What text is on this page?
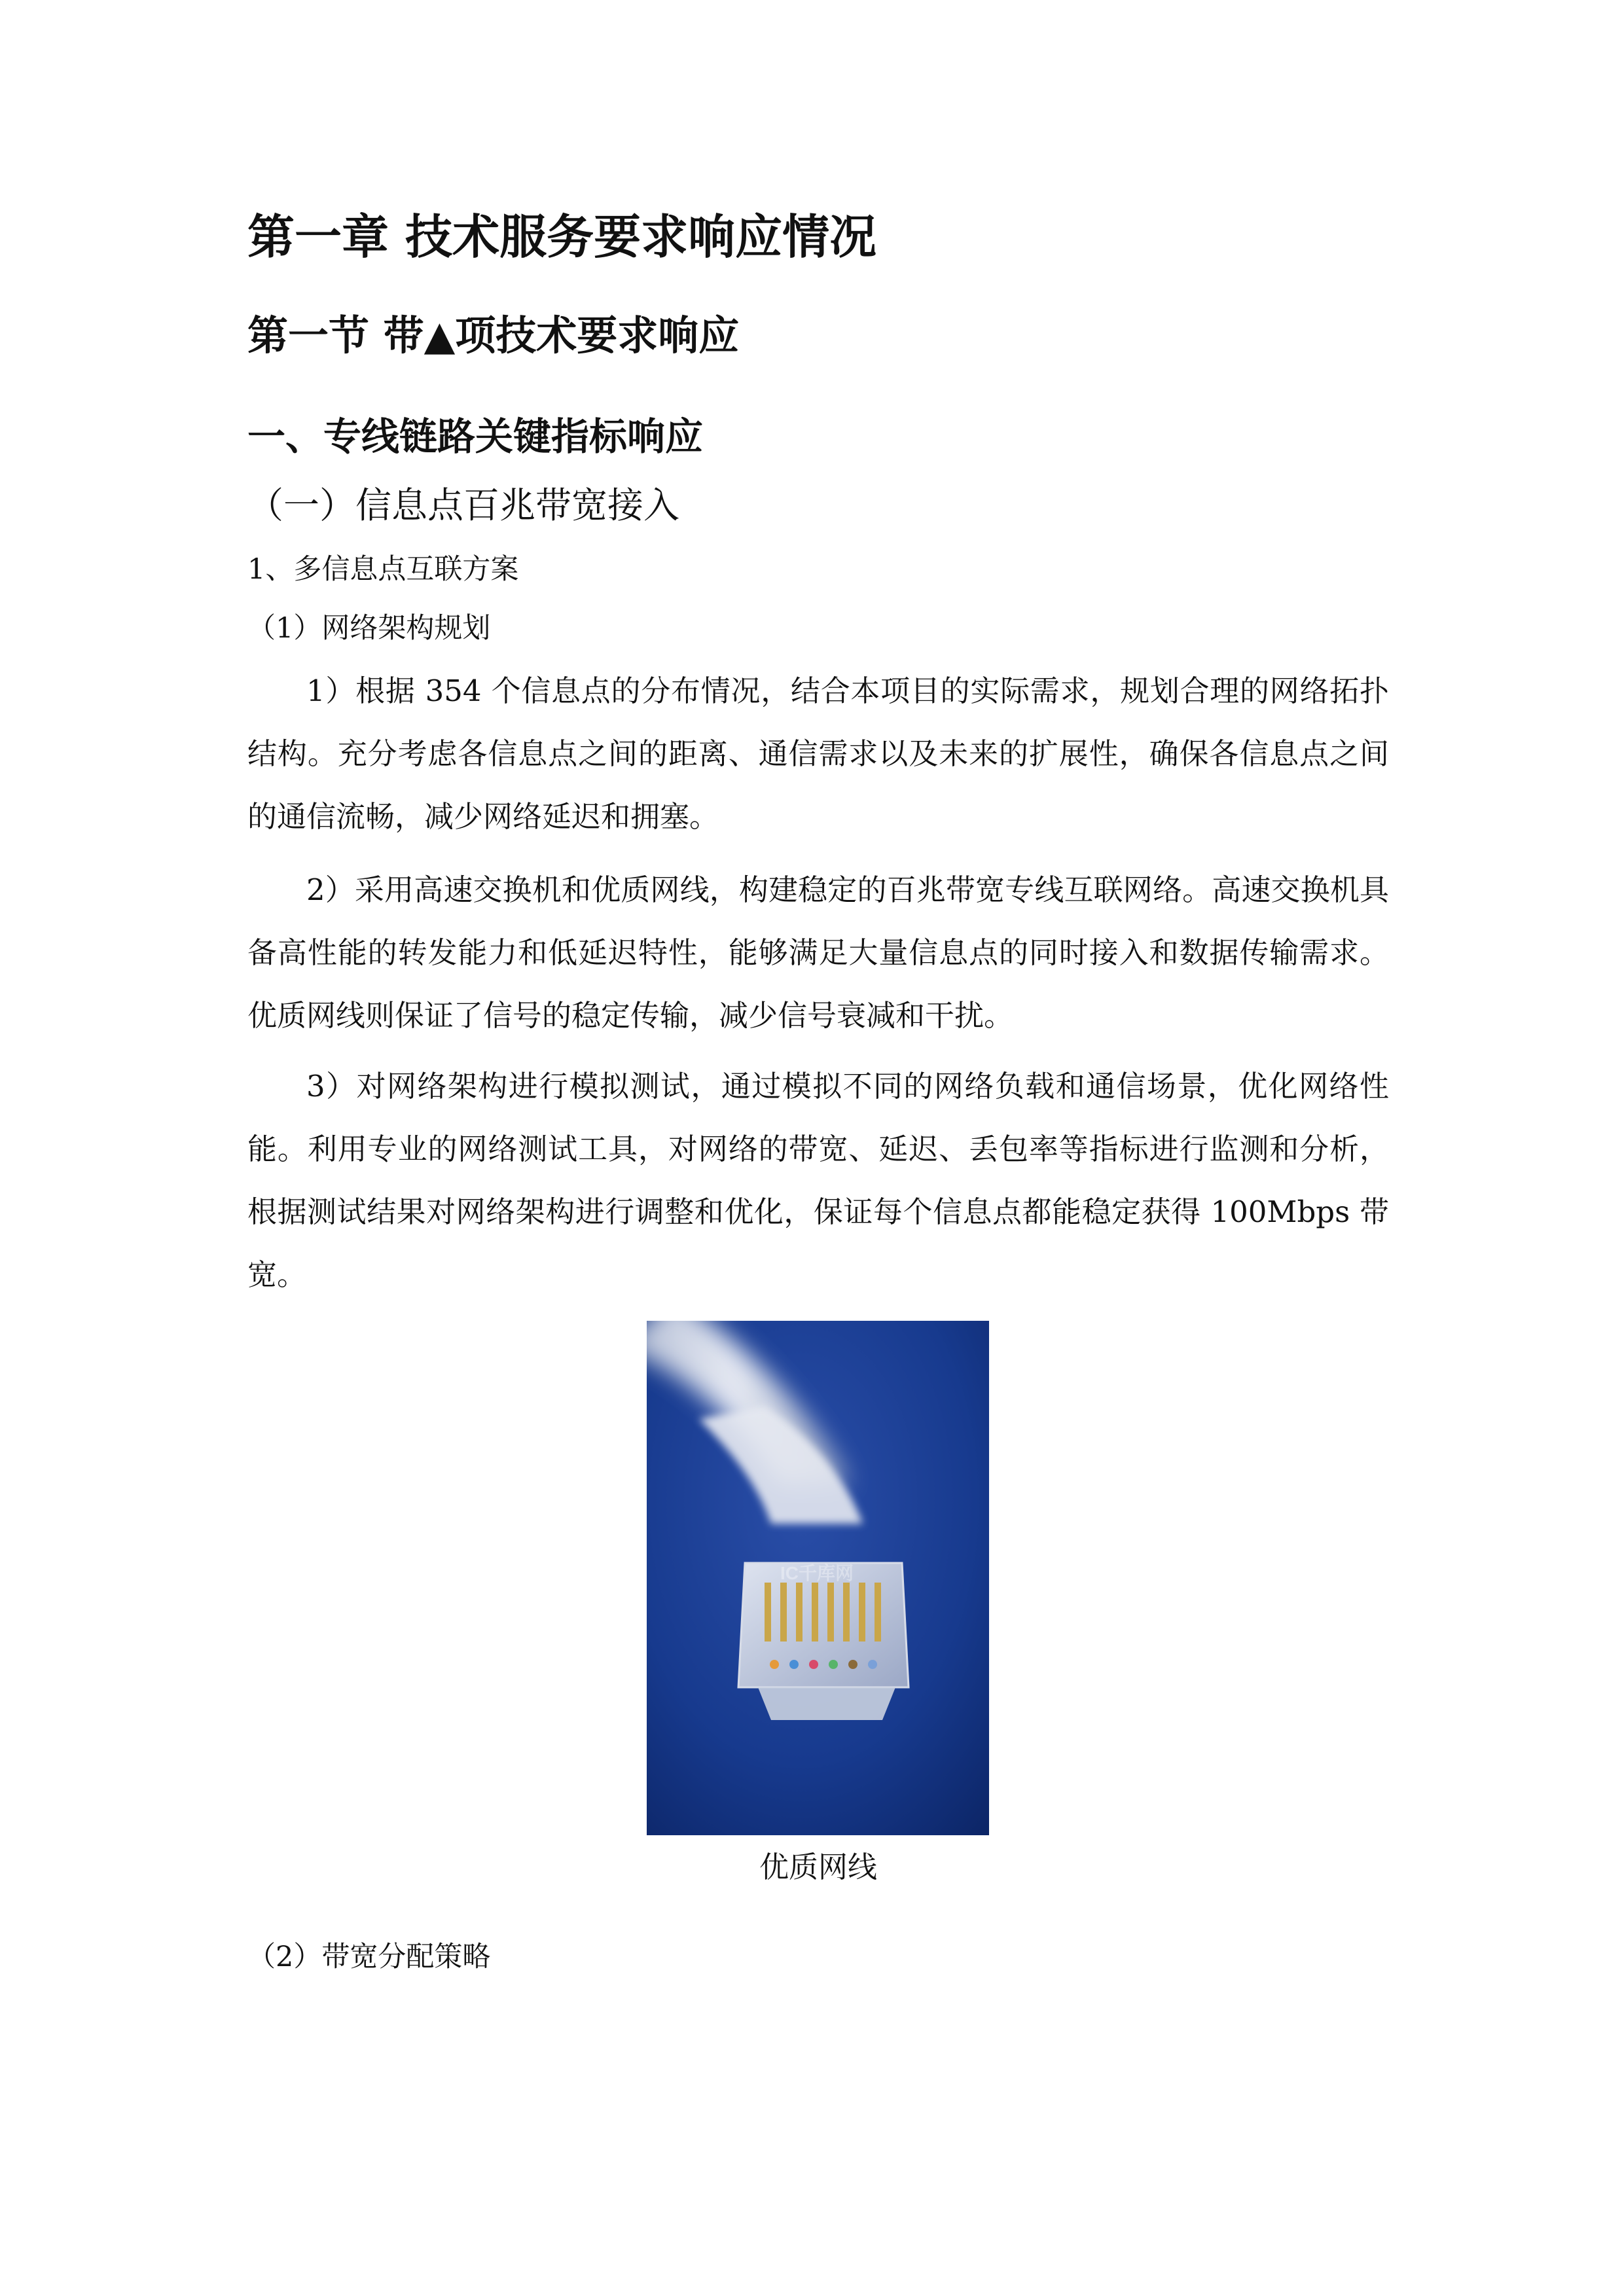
第一章 技术服务要求响应情况
第一节 带▲项技术要求响应
一、专线链路关键指标响应
（一）信息点百兆带宽接入
1、多信息点互联方案
（1）网络架构规划

1）根据 354 个信息点的分布情况，结合本项目的实际需求，规划合理的网络拓扑结构。充分考虑各信息点之间的距离、通信需求以及未来的扩展性，确保各信息点之间的通信流畅，减少网络延迟和拥塞。

2）采用高速交换机和优质网线，构建稳定的百兆带宽专线互联网络。高速交换机具备高性能的转发能力和低延迟特性，能够满足大量信息点的同时接入和数据传输需求。优质网线则保证了信号的稳定传输，减少信号衰减和干扰。

3）对网络架构进行模拟测试，通过模拟不同的网络负载和通信场景，优化网络性能。利用专业的网络测试工具，对网络的带宽、延迟、丢包率等指标进行监测和分析，根据测试结果对网络架构进行调整和优化，保证每个信息点都能稳定获得 100Mbps 带宽。

IC千库网
优质网线
（2）带宽分配策略
